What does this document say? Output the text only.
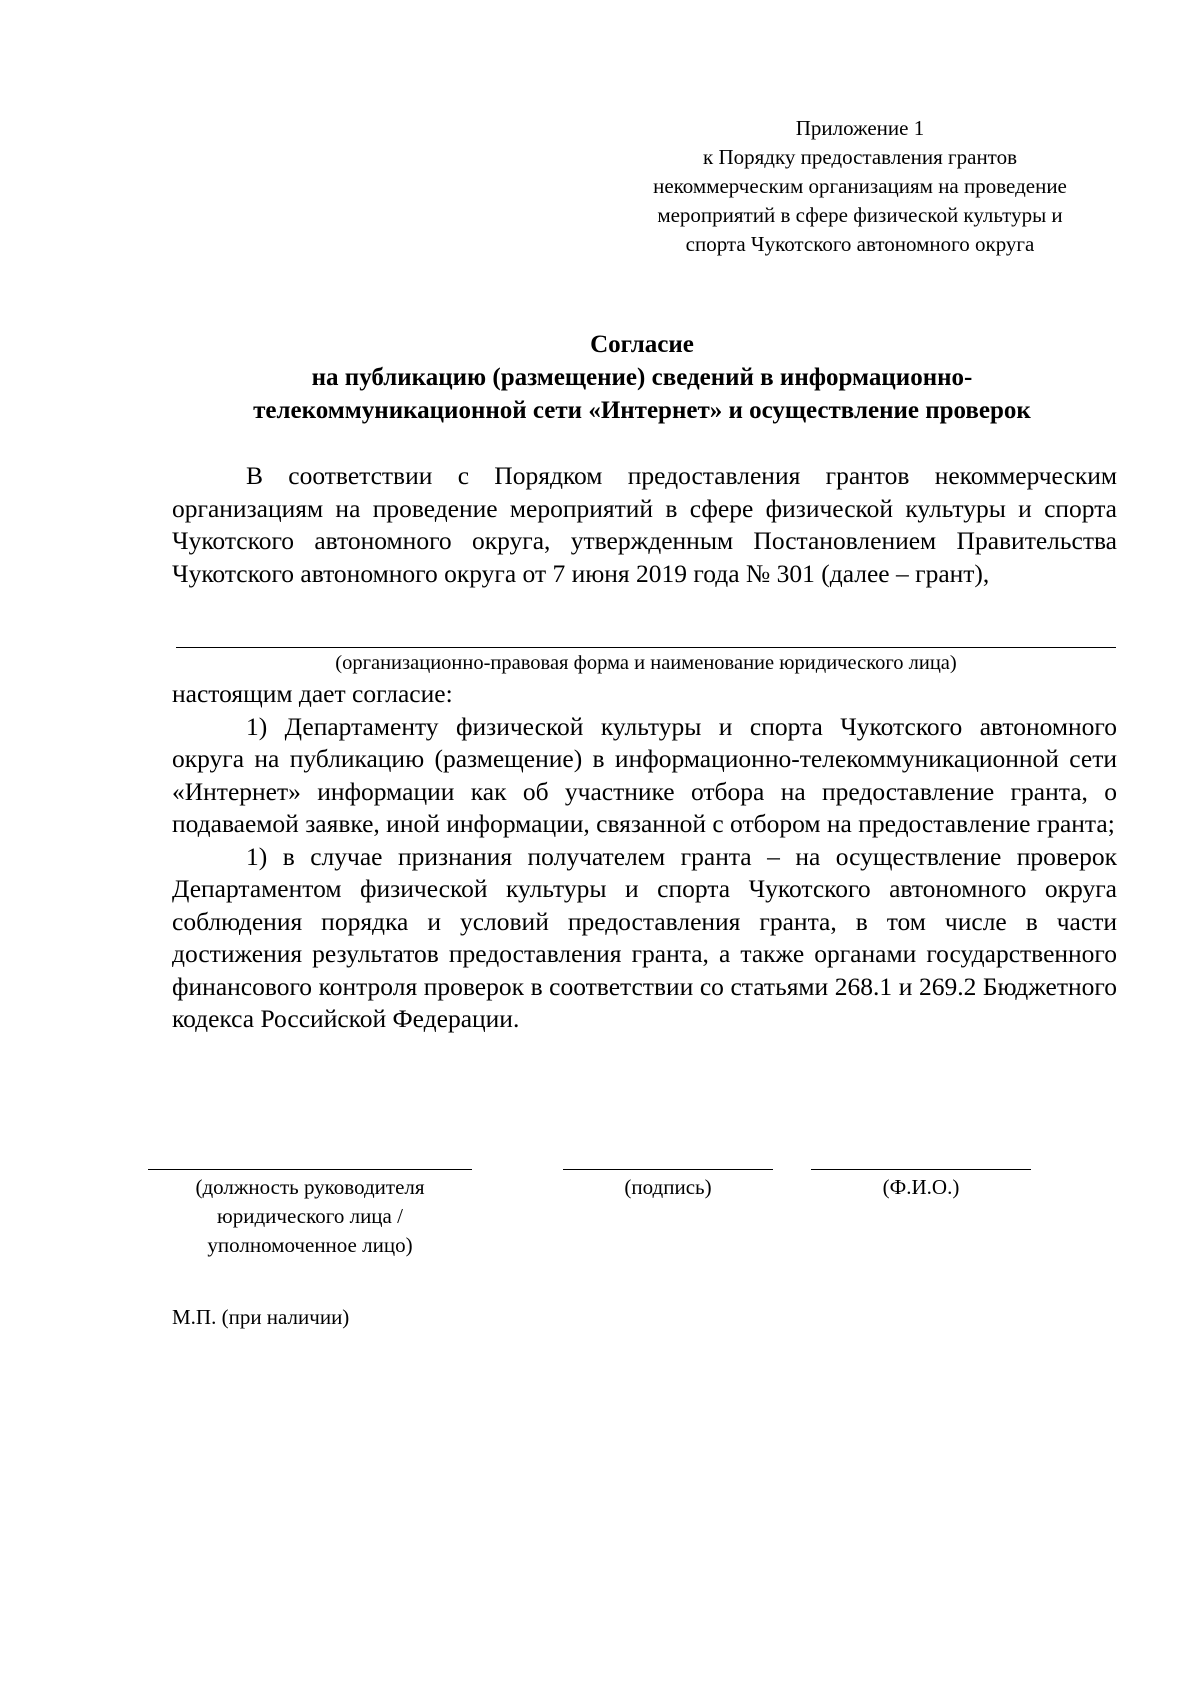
Приложение 1
к Порядку предоставления грантов
некоммерческим организациям на проведение
мероприятий в сфере физической культуры и
спорта Чукотского автономного округа
Согласие
на публикацию (размещение) сведений в информационно-
телекоммуникационной сети «Интернет» и осуществление проверок
В соответствии с Порядком предоставления грантов некоммерческим организациям на проведение мероприятий в сфере физической культуры и спорта Чукотского автономного округа, утвержденным Постановлением Правительства Чукотского автономного округа от 7 июня 2019 года № 301 (далее – грант),
(организационно-правовая форма и наименование юридического лица)
настоящим дает согласие:
1) Департаменту физической культуры и спорта Чукотского автономного округа на публикацию (размещение) в информационно-телекоммуникационной сети «Интернет» информации как об участнике отбора на предоставление гранта, о подаваемой заявке, иной информации, связанной с отбором на предоставление гранта;
1) в случае признания получателем гранта – на осуществление проверок Департаментом физической культуры и спорта Чукотского автономного округа соблюдения порядка и условий предоставления гранта, в том числе в части достижения результатов предоставления гранта, а также органами государственного финансового контроля проверок в соответствии со статьями 268.1 и 269.2 Бюджетного кодекса Российской Федерации.
(должность руководителя
юридического лица /
уполномоченное лицо)
(подпись)	(Ф.И.О.)
М.П. (при наличии)
